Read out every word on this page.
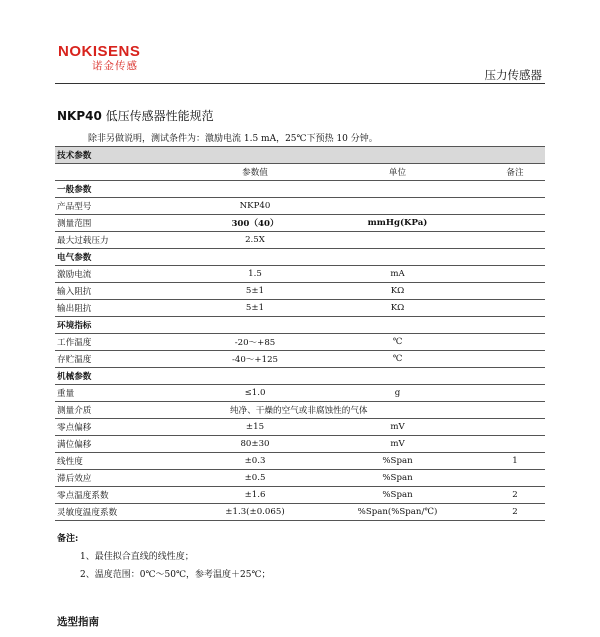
NOKISENS
诺金传感
压力传感器
NKP40 低压传感器性能规范
除非另做说明，测试条件为：激励电流 1.5 mA，25℃下预热 10 分钟。
技术参数			
	参数值	单位	备注
一般参数			
产品型号	NKP40		
测量范围	300（40）	mmHg(KPa)	
最大过载压力	2.5X		
电气参数			
激励电流	1.5	mA	
输入阻抗	5±1	KΩ	
输出阻抗	5±1	KΩ	
环境指标			
工作温度	-20～+85	℃	
存贮温度	-40～+125	℃	
机械参数			
重量	≤1.0	g	
测量介质	纯净、干燥的空气或非腐蚀性的气体		
零点偏移	±15	mV	
满位偏移	80±30	mV	
线性度	±0.3	%Span	1
滞后效应	±0.5	%Span	
零点温度系数	±1.6	%Span	2
灵敏度温度系数	±1.3(±0.065)	%Span(%Span/℃)	2
备注:
1、最佳拟合直线的线性度；
2、温度范围：0℃～50℃，参考温度＋25℃；
选型指南
